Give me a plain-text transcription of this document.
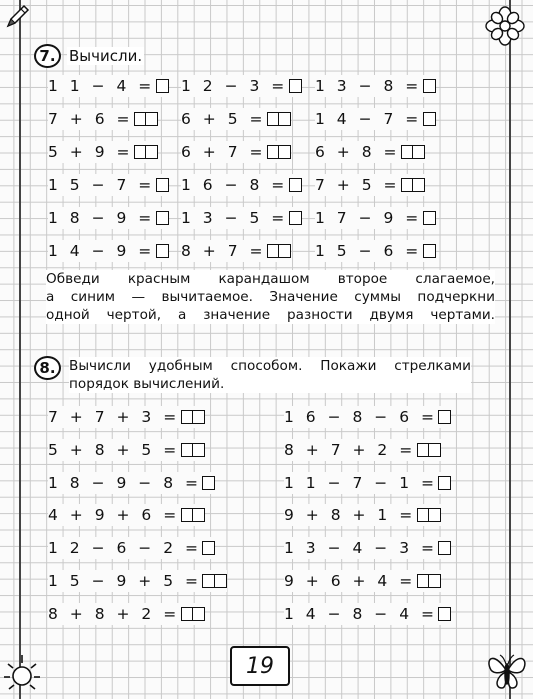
7. Вычисли.
1 1 − 4 = 1 2 − 3 = 1 3 − 8 =
7 + 6 =	6 + 5 =	1 4 − 7 =
5 + 9 =	6 + 7 =	6 + 8 =
1 5 − 7 = 1 6 − 8 = 7 + 5 =
1 8 − 9 = 1 3 − 5 = 1 7 − 9 =
1 4 − 9 = 8 + 7 =	1 5 − 6 =
Обведи красным карандашом второе слагаемое,
а синим — вычитаемое. Значение суммы подчеркни
одной чертой, а значение разности двумя чертами.
8. Вычисли удобным способом. Покажи стрелками
порядок вычислений.
7 + 7 + 3 =	1 6 − 8 − 6 =
5 + 8 + 5 =	8 + 7 + 2 =
1 8 − 9 − 8 =	1 1 − 7 − 1 =
4 + 9 + 6 =	9 + 8 + 1 =
1 2 − 6 − 2 =	1 3 − 4 − 3 =
1 5 − 9 + 5 =	9 + 6 + 4 =
8 + 8 + 2 =	1 4 − 8 − 4 =
19
